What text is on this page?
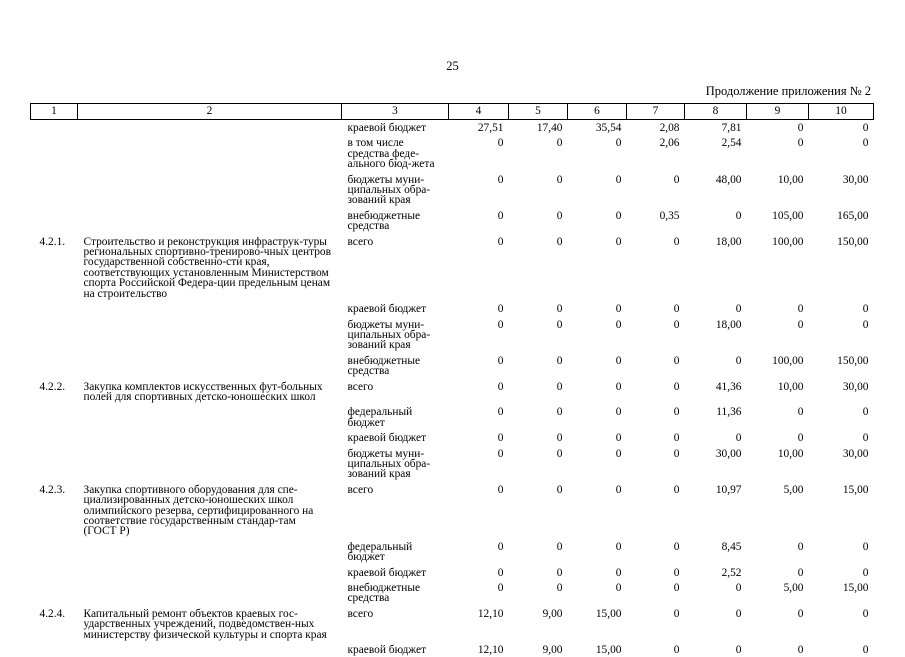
25
Продолжение приложения № 2
1	2	3	4	5	6	7	8	9	10
		краевой бюджет	27,51	17,40	35,54	2,08	7,81	0	0
		в том числе средства феде-ального бюд-жета	0	0	0	2,06	2,54	0	0
		бюджеты муни-ципальных обра-зований края	0	0	0	0	48,00	10,00	30,00
		внебюджетные средства	0	0	0	0,35	0	105,00	165,00
4.2.1.	Строительство и реконструкция инфраструк-туры региональных спортивно-тренирово-чных центров государственной собственно-сти края, соответствующих установленным Министерством спорта Российской Федера-ции предельным ценам на строительство	всего	0	0	0	0	18,00	100,00	150,00
		краевой бюджет	0	0	0	0	0	0	0
		бюджеты муни-ципальных обра-зований края	0	0	0	0	18,00	0	0
		внебюджетные средства	0	0	0	0	0	100,00	150,00
4.2.2.	Закупка комплектов искусственных фут-больных полей для спортивных детско-юношеских школ	всего	0	0	0	0	41,36	10,00	30,00
		федеральный бюджет	0	0	0	0	11,36	0	0
		краевой бюджет	0	0	0	0	0	0	0
		бюджеты муни-ципальных обра-зований края	0	0	0	0	30,00	10,00	30,00
4.2.3.	Закупка спортивного оборудования для спе-циализированных детско-юношеских школ олимпийского резерва, сертифицированного на соответствие государственным стандар-там (ГОСТ Р)	всего	0	0	0	0	10,97	5,00	15,00
		федеральный бюджет	0	0	0	0	8,45	0	0
		краевой бюджет	0	0	0	0	2,52	0	0
		внебюджетные средства	0	0	0	0	0	5,00	15,00
4.2.4.	Капитальный ремонт объектов краевых гос-ударственных учреждений, подведомствен-ных министерству физической культуры и спорта края	всего	12,10	9,00	15,00	0	0	0	0
		краевой бюджет	12,10	9,00	15,00	0	0	0	0
